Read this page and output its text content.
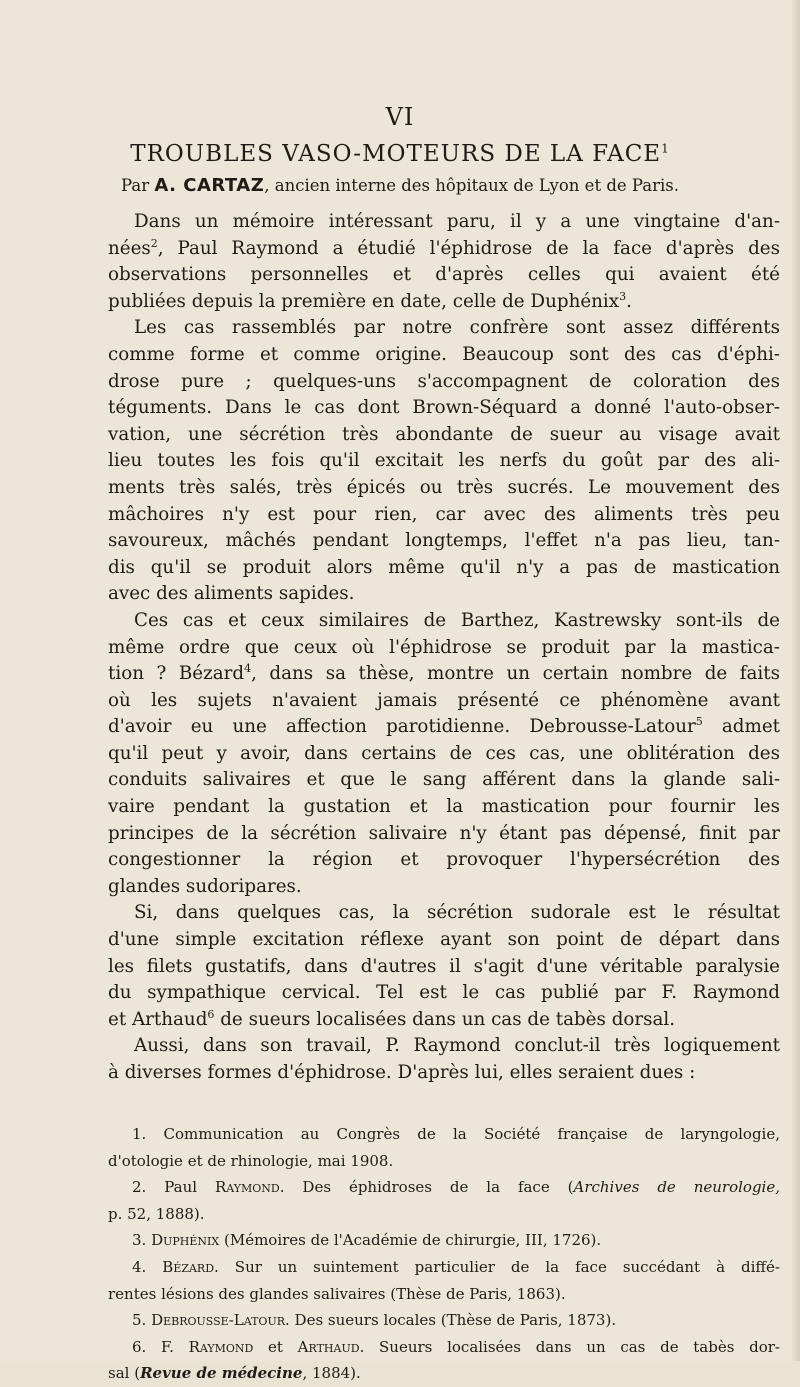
VI
TROUBLES VASO-MOTEURS DE LA FACE$^1$
Par A. CARTAZ, ancien interne des hôpitaux de Lyon et de Paris.
Dans un mémoire intéressant paru, il y a une vingtaine d'an-
nées$^2$, Paul Raymond a étudié l'éphidrose de la face d'après des
observations personnelles et d'après celles qui avaient été
publiées depuis la première en date, celle de Duphénix$^3$.
Les cas rassemblés par notre confrère sont assez différents
comme forme et comme origine. Beaucoup sont des cas d'éphi-
drose pure ; quelques-uns s'accompagnent de coloration des
téguments. Dans le cas dont Brown-Séquard a donné l'auto-obser-
vation, une sécrétion très abondante de sueur au visage avait
lieu toutes les fois qu'il excitait les nerfs du goût par des ali-
ments très salés, très épicés ou très sucrés. Le mouvement des
mâchoires n'y est pour rien, car avec des aliments très peu
savoureux, mâchés pendant longtemps, l'effet n'a pas lieu, tan-
dis qu'il se produit alors même qu'il n'y a pas de mastication
avec des aliments sapides.
Ces cas et ceux similaires de Barthez, Kastrewsky sont-ils de
même ordre que ceux où l'éphidrose se produit par la mastica-
tion ? Bézard$^4$, dans sa thèse, montre un certain nombre de faits
où les sujets n'avaient jamais présenté ce phénomène avant
d'avoir eu une affection parotidienne. Debrousse-Latour$^5$ admet
qu'il peut y avoir, dans certains de ces cas, une oblitération des
conduits salivaires et que le sang afférent dans la glande sali-
vaire pendant la gustation et la mastication pour fournir les
principes de la sécrétion salivaire n'y étant pas dépensé, finit par
congestionner la région et provoquer l'hypersécrétion des
glandes sudoripares.
Si, dans quelques cas, la sécrétion sudorale est le résultat
d'une simple excitation réflexe ayant son point de départ dans
les filets gustatifs, dans d'autres il s'agit d'une véritable paralysie
du sympathique cervical. Tel est le cas publié par F. Raymond
et Arthaud$^6$ de sueurs localisées dans un cas de tabès dorsal.
Aussi, dans son travail, P. Raymond conclut-il très logiquement
à diverses formes d'éphidrose. D'après lui, elles seraient dues :
1. Communication au Congrès de la Société française de laryngologie,
d'otologie et de rhinologie, mai 1908.
2. Paul Raymond. Des éphidroses de la face (Archives de neurologie,
p. 52, 1888).
3. Duphénix (Mémoires de l'Académie de chirurgie, III, 1726).
4. Bézard. Sur un suintement particulier de la face succédant à diffé-
rentes lésions des glandes salivaires (Thèse de Paris, 1863).
5. Debrousse-Latour. Des sueurs locales (Thèse de Paris, 1873).
6. F. Raymond et Arthaud. Sueurs localisées dans un cas de tabès dor-
sal (Revue de médecine, 1884).
